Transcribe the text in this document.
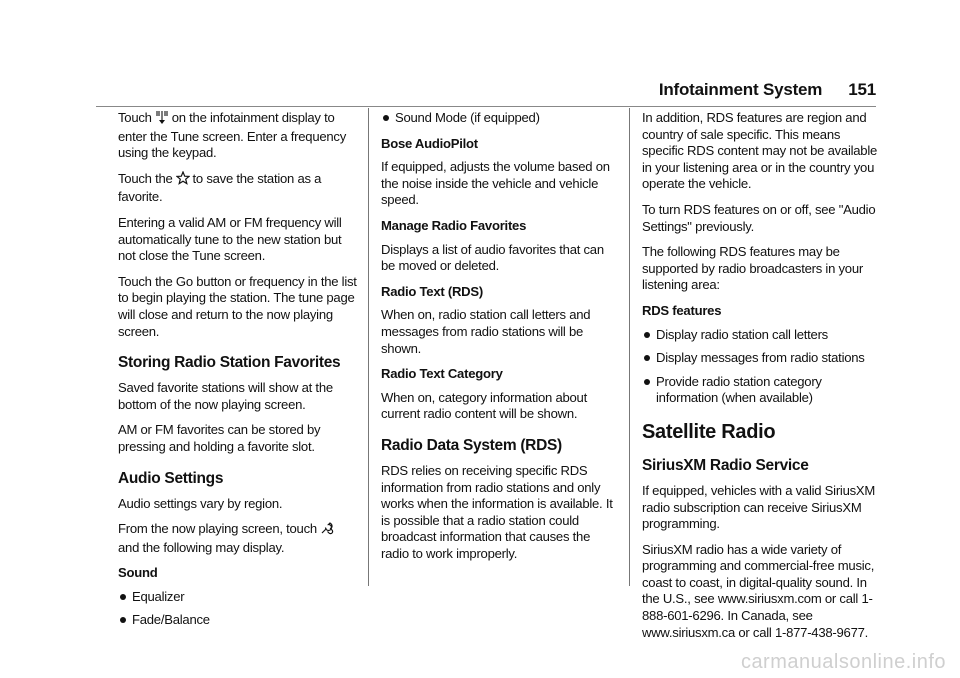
Infotainment System 151

Touch on the infotainment display to enter the Tune screen. Enter a frequency using the keypad.

Touch the to save the station as a favorite.

Entering a valid AM or FM frequency will automatically tune to the new station but not close the Tune screen.

Touch the Go button or frequency in the list to begin playing the station. The tune page will close and return to the now playing screen.

Storing Radio Station Favorites

Saved favorite stations will show at the bottom of the now playing screen.

AM or FM favorites can be stored by pressing and holding a favorite slot.

Audio Settings

Audio settings vary by region.

From the now playing screen, touchand the following may display.

Sound

Equalizer
Fade/Balance
Sound Mode (if equipped)

Bose AudioPilot

If equipped, adjusts the volume based on the noise inside the vehicle and vehicle speed.

Manage Radio Favorites

Displays a list of audio favorites that can be moved or deleted.

Radio Text (RDS)

When on, radio station call letters and messages from radio stations will be shown.

Radio Text Category

When on, category information about current radio content will be shown.

Radio Data System (RDS)

RDS relies on receiving specific RDS information from radio stations and only works when the information is available. It is possible that a radio station could broadcast information that causes the radio to work improperly.

In addition, RDS features are region and country of sale specific. This means specific RDS content may not be available in your listening area or in the country you operate the vehicle.

To turn RDS features on or off, see "Audio Settings" previously.

The following RDS features may be supported by radio broadcasters in your listening area:

RDS features

Display radio station call letters
Display messages from radio stations
Provide radio station category information (when available)
Satellite Radio
SiriusXM Radio Service

If equipped, vehicles with a valid SiriusXM radio subscription can receive SiriusXM programming.

SiriusXM radio has a wide variety of programming and commercial-free music, coast to coast, in digital-quality sound. In the U.S., see www.siriusxm.com or call 1-888-601-6296. In Canada, see www.siriusxm.ca or call 1-877-438-9677.

carmanualsonline.info
